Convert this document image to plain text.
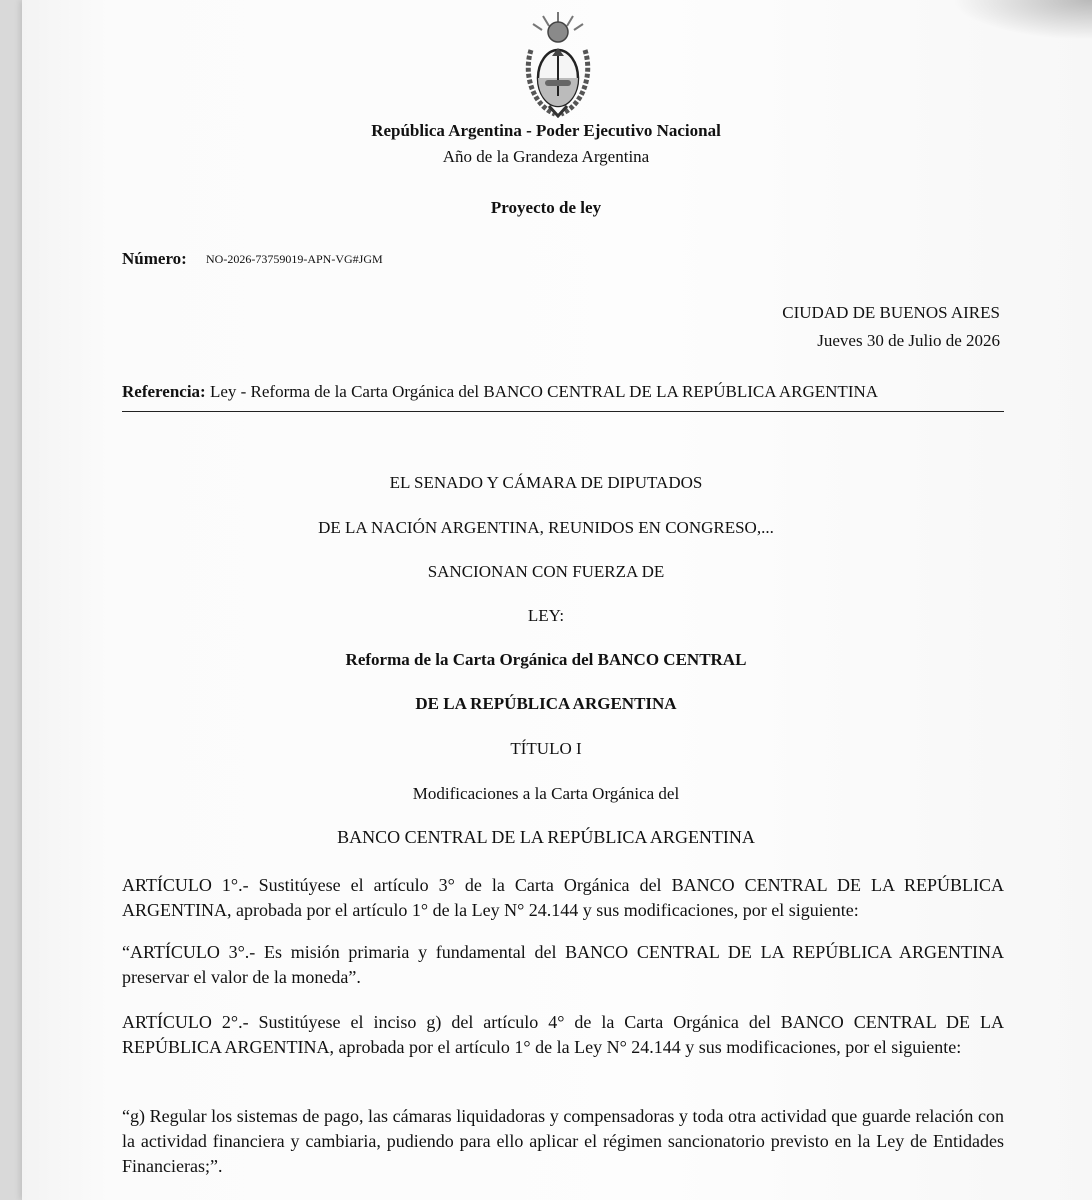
República Argentina - Poder Ejecutivo Nacional
Año de la Grandeza Argentina
Proyecto de ley
Número: NO-2026-73759019-APN-VG#JGM
CIUDAD DE BUENOS AIRES
Jueves 30 de Julio de 2026
Referencia: Ley - Reforma de la Carta Orgánica del BANCO CENTRAL DE LA REPÚBLICA ARGENTINA
EL SENADO Y CÁMARA DE DIPUTADOS
DE LA NACIÓN ARGENTINA, REUNIDOS EN CONGRESO,...
SANCIONAN CON FUERZA DE
LEY:
Reforma de la Carta Orgánica del BANCO CENTRAL
DE LA REPÚBLICA ARGENTINA
TÍTULO I
Modificaciones a la Carta Orgánica del
BANCO CENTRAL DE LA REPÚBLICA ARGENTINA
ARTÍCULO 1°.- Sustitúyese el artículo 3° de la Carta Orgánica del BANCO CENTRAL DE LA REPÚBLICA ARGENTINA, aprobada por el artículo 1° de la Ley N° 24.144 y sus modificaciones, por el siguiente:
“ARTÍCULO 3°.- Es misión primaria y fundamental del BANCO CENTRAL DE LA REPÚBLICA ARGENTINA preservar el valor de la moneda”.
ARTÍCULO 2°.- Sustitúyese el inciso g) del artículo 4° de la Carta Orgánica del BANCO CENTRAL DE LA REPÚBLICA ARGENTINA, aprobada por el artículo 1° de la Ley N° 24.144 y sus modificaciones, por el siguiente:
“g) Regular los sistemas de pago, las cámaras liquidadoras y compensadoras y toda otra actividad que guarde relación con la actividad financiera y cambiaria, pudiendo para ello aplicar el régimen sancionatorio previsto en la Ley de Entidades Financieras;”.
